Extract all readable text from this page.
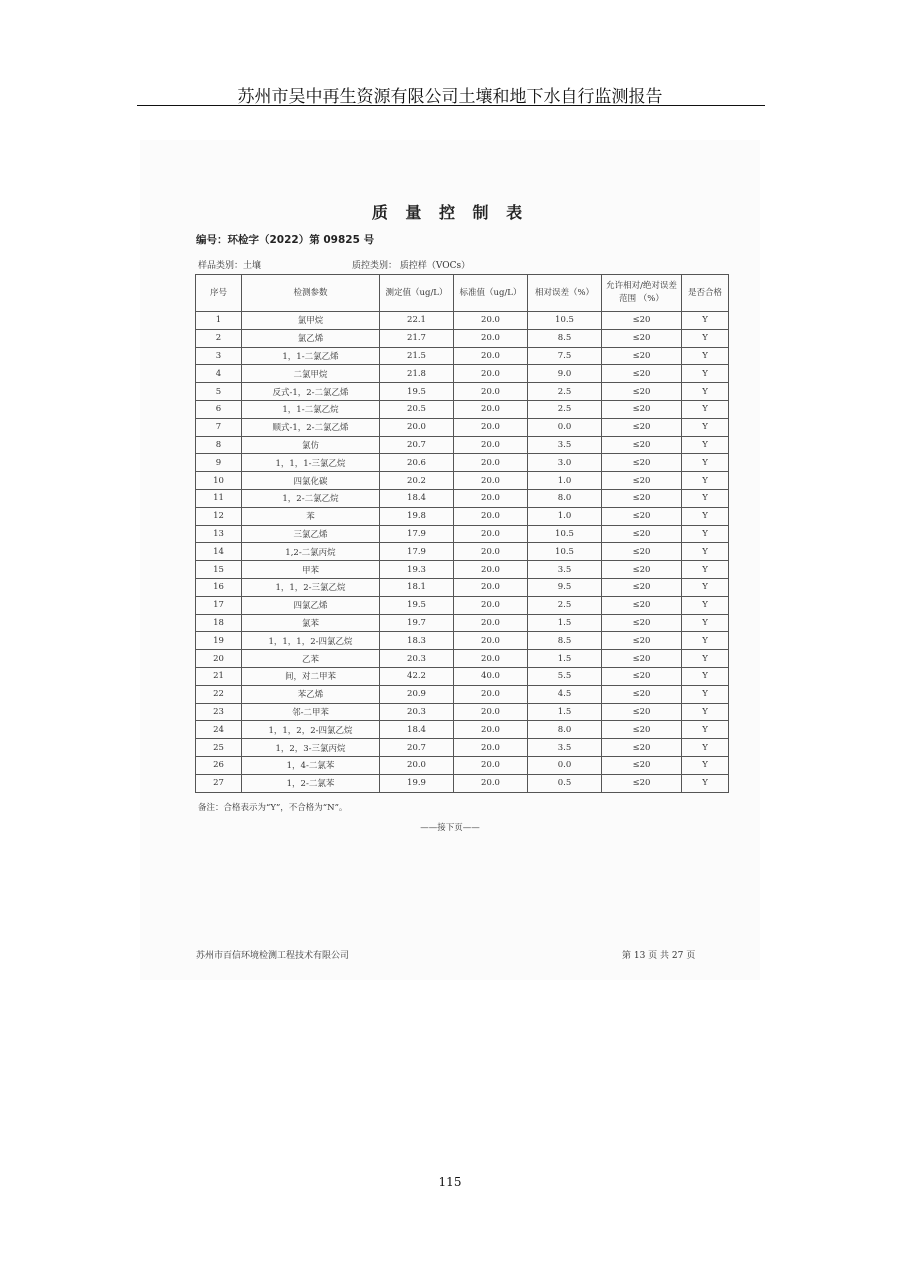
苏州市吴中再生资源有限公司土壤和地下水自行监测报告
质 量 控 制 表
编号：环检字（2022）第 09825 号
样品类别：土壤	质控类别： 质控样（VOCs）
序号	检测参数	测定值（ug/L）	标准值（ug/L）	相对误差（%）	允许相对/绝对误差范围 （%）	是否合格
1	氯甲烷	22.1	20.0	10.5	≤20	Y
2	氯乙烯	21.7	20.0	8.5	≤20	Y
3	1，1-二氯乙烯	21.5	20.0	7.5	≤20	Y
4	二氯甲烷	21.8	20.0	9.0	≤20	Y
5	反式-1，2-二氯乙烯	19.5	20.0	2.5	≤20	Y
6	1，1-二氯乙烷	20.5	20.0	2.5	≤20	Y
7	顺式-1，2-二氯乙烯	20.0	20.0	0.0	≤20	Y
8	氯仿	20.7	20.0	3.5	≤20	Y
9	1，1，1-三氯乙烷	20.6	20.0	3.0	≤20	Y
10	四氯化碳	20.2	20.0	1.0	≤20	Y
11	1，2-二氯乙烷	18.4	20.0	8.0	≤20	Y
12	苯	19.8	20.0	1.0	≤20	Y
13	三氯乙烯	17.9	20.0	10.5	≤20	Y
14	1,2-二氯丙烷	17.9	20.0	10.5	≤20	Y
15	甲苯	19.3	20.0	3.5	≤20	Y
16	1，1，2-三氯乙烷	18.1	20.0	9.5	≤20	Y
17	四氯乙烯	19.5	20.0	2.5	≤20	Y
18	氯苯	19.7	20.0	1.5	≤20	Y
19	1，1，1，2-四氯乙烷	18.3	20.0	8.5	≤20	Y
20	乙苯	20.3	20.0	1.5	≤20	Y
21	间，对二甲苯	42.2	40.0	5.5	≤20	Y
22	苯乙烯	20.9	20.0	4.5	≤20	Y
23	邻-二甲苯	20.3	20.0	1.5	≤20	Y
24	1，1，2，2-四氯乙烷	18.4	20.0	8.0	≤20	Y
25	1，2，3-三氯丙烷	20.7	20.0	3.5	≤20	Y
26	1，4-二氯苯	20.0	20.0	0.0	≤20	Y
27	1，2-二氯苯	19.9	20.0	0.5	≤20	Y
备注：合格表示为“Y”，不合格为“N”。
——接下页——
苏州市百信环境检测工程技术有限公司	第 13 页 共 27 页
115
